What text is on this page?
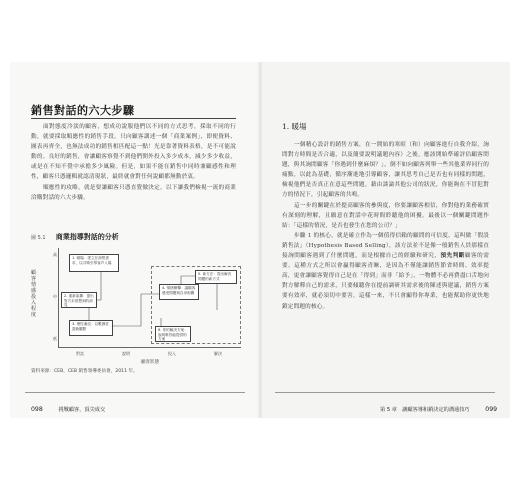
銷售對話的六大步驟

面對態度冷淡的顧客，想成功說服他們以不同的方式思考，採取不同的行動，就要採取順應性的銷售手段。只向顧客講述一個「商業案例」，即便資料、圖表再齊全，也無法成功的銷售相匹配這一點！光是靠著資料表格，是不可能說動的。良好的銷售，會讓顧客察覺不到他們開外投入多少成本，減少多少收益，或是在不知不覺中承擔多少風險。但是，如果不能在銷售中同時兼顧感性和理性，顧客只憑邏輯就認清現狀，最終就會對任何說顧都無動於衷。

順應性的攻略，就是要讓顧客只憑直覺做決定。以下讓我們檢視一流的商業洽購對話的六大步驟。

圖 5.1 商業指導對話的分析
顧客情感投入程度
高
中
低
對話	說明	投入	解決
顧客狀態
1. 暖場：建立在洞察需求，以共鳴引導客戶入場
2. 重新架構：提出對方未曾想到的洞見
3. 理性淹沒：以數據佐證新觀點
4. 情緒衝擊：讓顧客感受問題與自身相關
5. 新方法：提出解決問題的新方式
6. 你的解決方案：說明唯你能提供的方案
資料來源：CEB，CEB 銷售領導委員會，2011 年。
098	挑戰顧客，頂尖成交
1. 暖場

一個精心設計的銷售方案，在一開始的寒暄（和）向顧客進行自我介紹，詢問對方時間是否合適，以及簡要說明議題內容）之後，應該開始準確評估顧客問題，與其詢問顧客「你遇到什麼麻煩？」，倒不如向顧客列舉一些其他業界同行的痛點，以此為基礎，循序漸進地引導顧客，讓其思考自己是否也有同樣的問題，檢視他們是否真正在意這些問題。藉由談論其他公司的狀況，你能夠在不冒犯對方的情況下，引起顧客的共鳴。

這一步的關鍵在於提高顧客的參與度，你要讓顧客相信，你對他的業務確實有深刻的理解，且願意在對話中花時間聆聽他的困擾。最後以一個關鍵問題作結：「這樣的情況，是否也發生在您的公司？」

步驟 1 的核心，就是確立作為一個值得信賴的顧問的可信度。這叫做「假設銷售法」（Hypothesis Based Selling），該方法並不是像一般銷售人員那樣直接詢問顧客遇到了什麼問題，而是根據自己的經驗和研究，預先判斷顧客的需要。這種方式之所以會贏得顧客青睞，是因為不僅能讓銷售節省時間、效率提高，更會讓顧客覺得自己是在「得到」而非「給予」，一物體不必再費盡口舌地向對方解釋自己的需求，只要傾聽你在提前調研其需求後的陳述與建議，銷售方案要有效率，就必須切中要害。這樣一來，不只會顯得你專業，也能幫助你更快地鎖定問題的核心。

第 5 章　讓顧客導和銷決定的溝通技巧	099
